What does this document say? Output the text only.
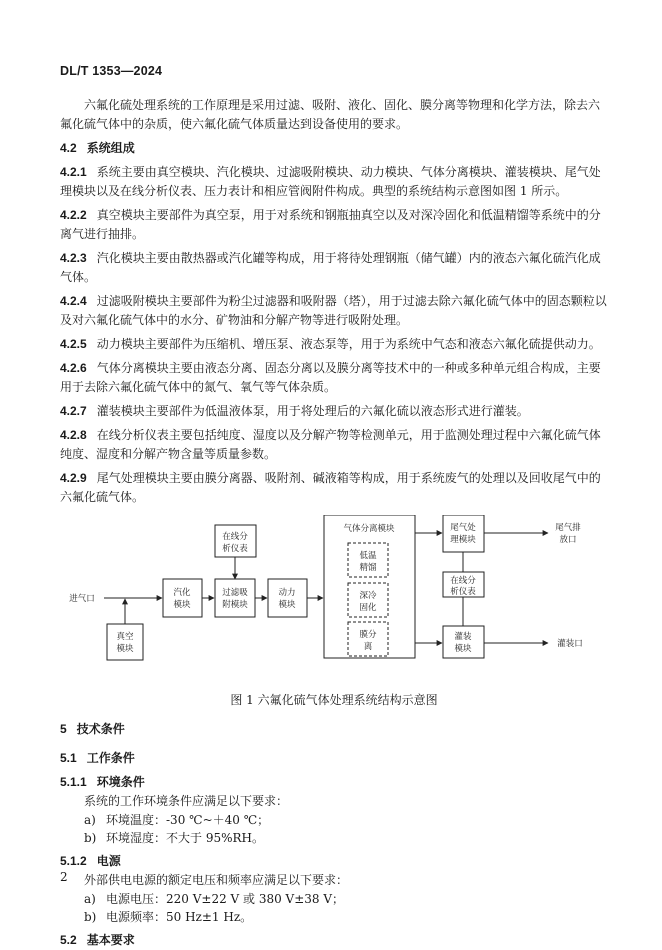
DL/T 1353—2024

六氟化硫处理系统的工作原理是采用过滤、吸附、液化、固化、膜分离等物理和化学方法，除去六氟化硫气体中的杂质，使六氟化硫气体质量达到设备使用的要求。

4.2 系统组成

4.2.1 系统主要由真空模块、汽化模块、过滤吸附模块、动力模块、气体分离模块、灌装模块、尾气处理模块以及在线分析仪表、压力表计和相应管阀附件构成。典型的系统结构示意图如图 1 所示。

4.2.2 真空模块主要部件为真空泵，用于对系统和钢瓶抽真空以及对深冷固化和低温精馏等系统中的分离气进行抽排。

4.2.3 汽化模块主要由散热器或汽化罐等构成，用于将待处理钢瓶（储气罐）内的液态六氟化硫汽化成气体。

4.2.4 过滤吸附模块主要部件为粉尘过滤器和吸附器（塔），用于过滤去除六氟化硫气体中的固态颗粒以及对六氟化硫气体中的水分、矿物油和分解产物等进行吸附处理。

4.2.5 动力模块主要部件为压缩机、增压泵、液态泵等，用于为系统中气态和液态六氟化硫提供动力。

4.2.6 气体分离模块主要由液态分离、固态分离以及膜分离等技术中的一种或多种单元组合构成，主要用于去除六氟化硫气体中的氮气、氧气等气体杂质。

4.2.7 灌装模块主要部件为低温液体泵，用于将处理后的六氟化硫以液态形式进行灌装。

4.2.8 在线分析仪表主要包括纯度、湿度以及分解产物等检测单元，用于监测处理过程中六氟化硫气体纯度、湿度和分解产物含量等质量参数。

4.2.9 尾气处理模块主要由膜分离器、吸附剂、碱液箱等构成，用于系统废气的处理以及回收尾气中的六氟化硫气体。

进气口
真空
模块
汽化
模块
在线分
析仪表
过滤吸
附模块
动力
模块
气体分离模块
低温
精馏
深冷
固化
膜分
离
尾气处
理模块
在线分
析仪表
灌装
模块
尾气排
放口
灌装口
图 1 六氟化硫气体处理系统结构示意图
5 技术条件
5.1 工作条件
5.1.1 环境条件

系统的工作环境条件应满足以下要求：

a) 环境温度：-30 ℃~＋40 ℃；
b) 环境湿度：不大于 95%RH。
5.1.2 电源

外部供电电源的额定电压和频率应满足以下要求：

a) 电源电压：220 V±22 V 或 380 V±38 V；
b) 电源频率：50 Hz±1 Hz。
5.2 基本要求
2
